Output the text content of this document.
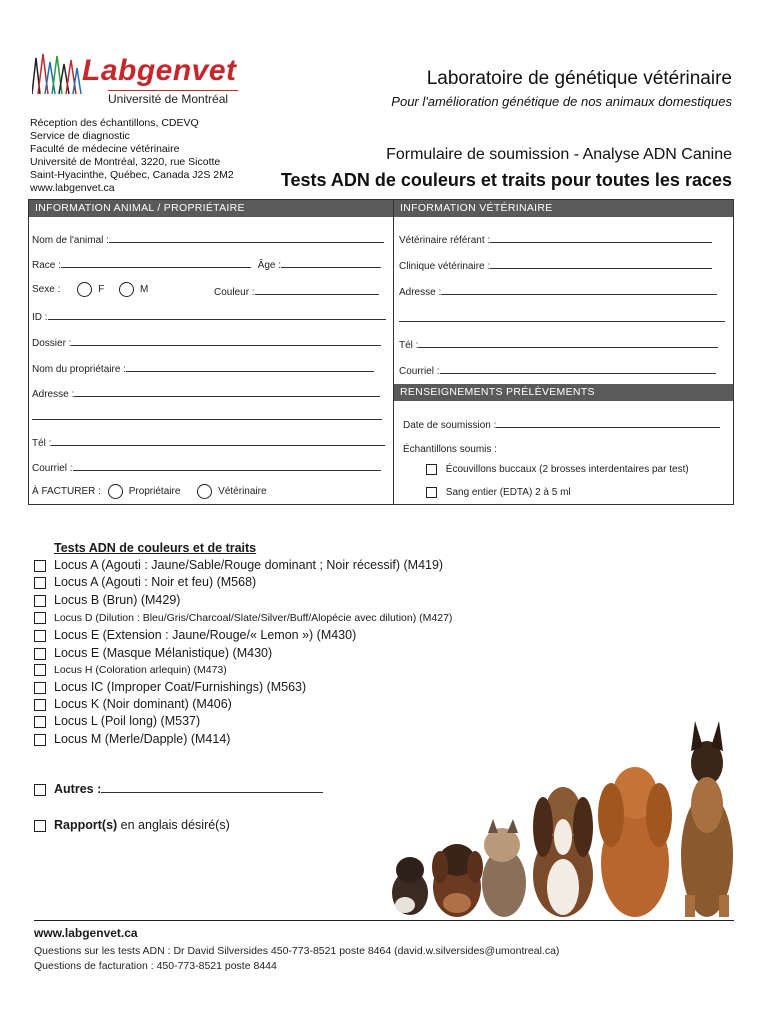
Labgenvet
Université de Montréal
Laboratoire de génétique vétérinaire
Pour l'amélioration génétique de nos animaux domestiques
Réception des échantillons, CDEVQ
Service de diagnostic
Faculté de médecine vétérinaire
Université de Montréal, 3220, rue Sicotte
Saint-Hyacinthe, Québec, Canada J2S 2M2
www.labgenvet.ca
Formulaire de soumission - Analyse ADN Canine
Tests ADN de couleurs et traits pour toutes les races
INFORMATION ANIMAL / PROPRIÉTAIRE	INFORMATION VÉTÉRINAIRE
Nom de l'animal :
Race :	Âge :
Sexe :	F	M	Couleur :
ID :
Dossier :
Nom du propriétaire :
Adresse :
Tél :
Courriel :
À FACTURER :	Propriétaire	Vétérinaire
Vétérinaire référant :
Clinique vétérinaire :
Adresse :
Tél :
Courriel :
RENSEIGNEMENTS PRÉLÈVEMENTS
Date de soumission :
Échantillons soumis :
Écouvillons buccaux (2 brosses interdentaires par test)
Sang entier (EDTA) 2 à 5 ml
Tests ADN de couleurs et de traits
Locus A (Agouti : Jaune/Sable/Rouge dominant ; Noir récessif) (M419)
Locus A (Agouti : Noir et feu) (M568)
Locus B (Brun) (M429)
Locus D (Dilution : Bleu/Gris/Charcoal/Slate/Silver/Buff/Alopécie avec dilution) (M427)
Locus E (Extension : Jaune/Rouge/« Lemon ») (M430)
Locus E (Masque Mélanistique) (M430)
Locus H (Coloration arlequin) (M473)
Locus IC (Improper Coat/Furnishings) (M563)
Locus K (Noir dominant) (M406)
Locus L (Poil long) (M537)
Locus M (Merle/Dapple) (M414)
Autres :
Rapport(s) en anglais désiré(s)
www.labgenvet.ca
Questions sur les tests ADN : Dr David Silversides 450-773-8521 poste 8464 (david.w.silversides@umontreal.ca)
Questions de facturation : 450-773-8521 poste 8444
